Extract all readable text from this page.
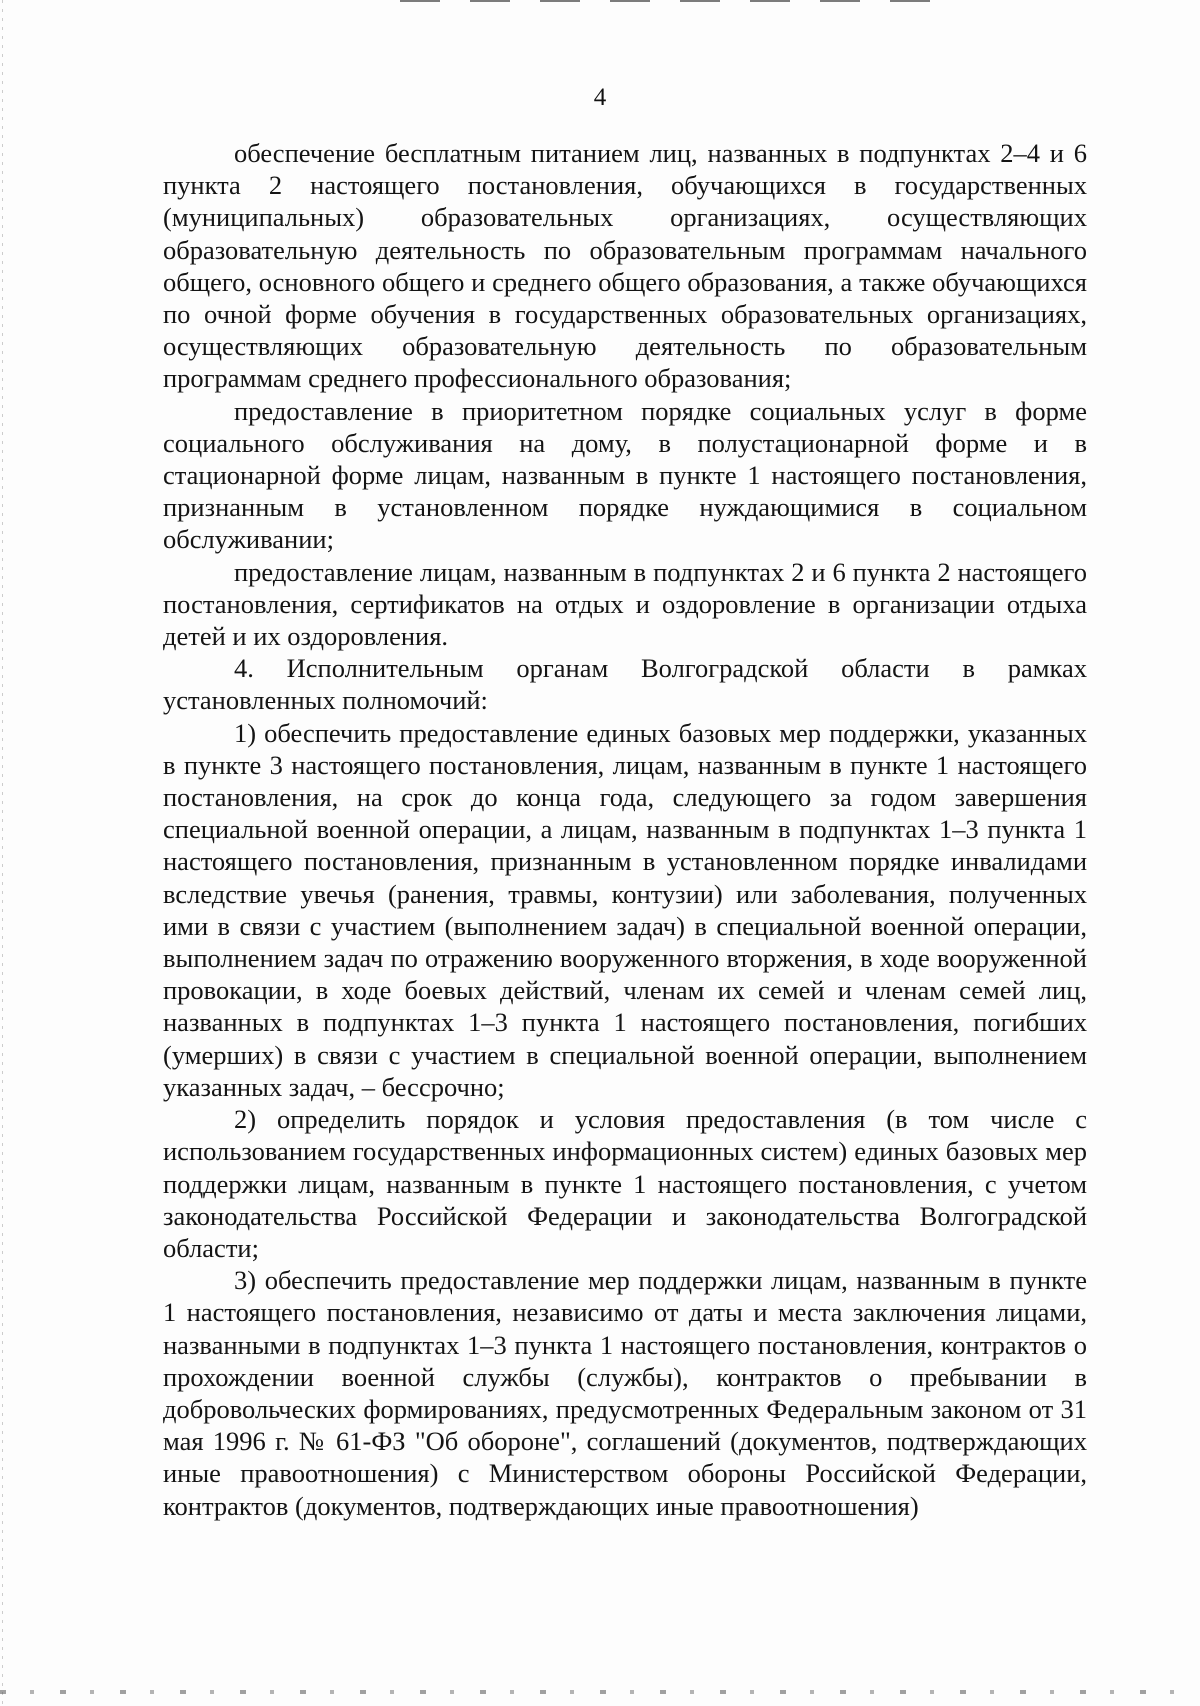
4

обеспечение бесплатным питанием лиц, названных в подпунктах 2–4 и 6 пункта 2 настоящего постановления, обучающихся в государственных (муниципальных) образовательных организациях, осуществляющих образовательную деятельность по образовательным программам начального общего, основного общего и среднего общего образования, а также обучающихся по очной форме обучения в государственных образовательных организациях, осуществляющих образовательную деятельность по образовательным программам среднего профессионального образования;

предоставление в приоритетном порядке социальных услуг в форме социального обслуживания на дому, в полустационарной форме и в стационарной форме лицам, названным в пункте 1 настоящего постановления, признанным в установленном порядке нуждающимися в социальном обслуживании;

предоставление лицам, названным в подпунктах 2 и 6 пункта 2 настоящего постановления, сертификатов на отдых и оздоровление в организации отдыха детей и их оздоровления.

4. Исполнительным органам Волгоградской области в рамках установленных полномочий:

1) обеспечить предоставление единых базовых мер поддержки, указанных в пункте 3 настоящего постановления, лицам, названным в пункте 1 настоящего постановления, на срок до конца года, следующего за годом завершения специальной военной операции, а лицам, названным в подпунктах 1–3 пункта 1 настоящего постановления, признанным в установленном порядке инвалидами вследствие увечья (ранения, травмы, контузии) или заболевания, полученных ими в связи с участием (выполнением задач) в специальной военной операции, выполнением задач по отражению вооруженного вторжения, в ходе вооруженной провокации, в ходе боевых действий, членам их семей и членам семей лиц, названных в подпунктах 1–3 пункта 1 настоящего постановления, погибших (умерших) в связи с участием в специальной военной операции, выполнением указанных задач, – бессрочно;

2) определить порядок и условия предоставления (в том числе с использованием государственных информационных систем) единых базовых мер поддержки лицам, названным в пункте 1 настоящего постановления, с учетом законодательства Российской Федерации и законодательства Волгоградской области;

3) обеспечить предоставление мер поддержки лицам, названным в пункте 1 настоящего постановления, независимо от даты и места заключения лицами, названными в подпунктах 1–3 пункта 1 настоящего постановления, контрактов о прохождении военной службы (службы), контрактов о пребывании в добровольческих формированиях, предусмотренных Федеральным законом от 31 мая 1996 г. № 61-ФЗ "Об обороне", соглашений (документов, подтверждающих иные правоотношения) с Министерством обороны Российской Федерации, контрактов (документов, подтверждающих иные правоотношения)
